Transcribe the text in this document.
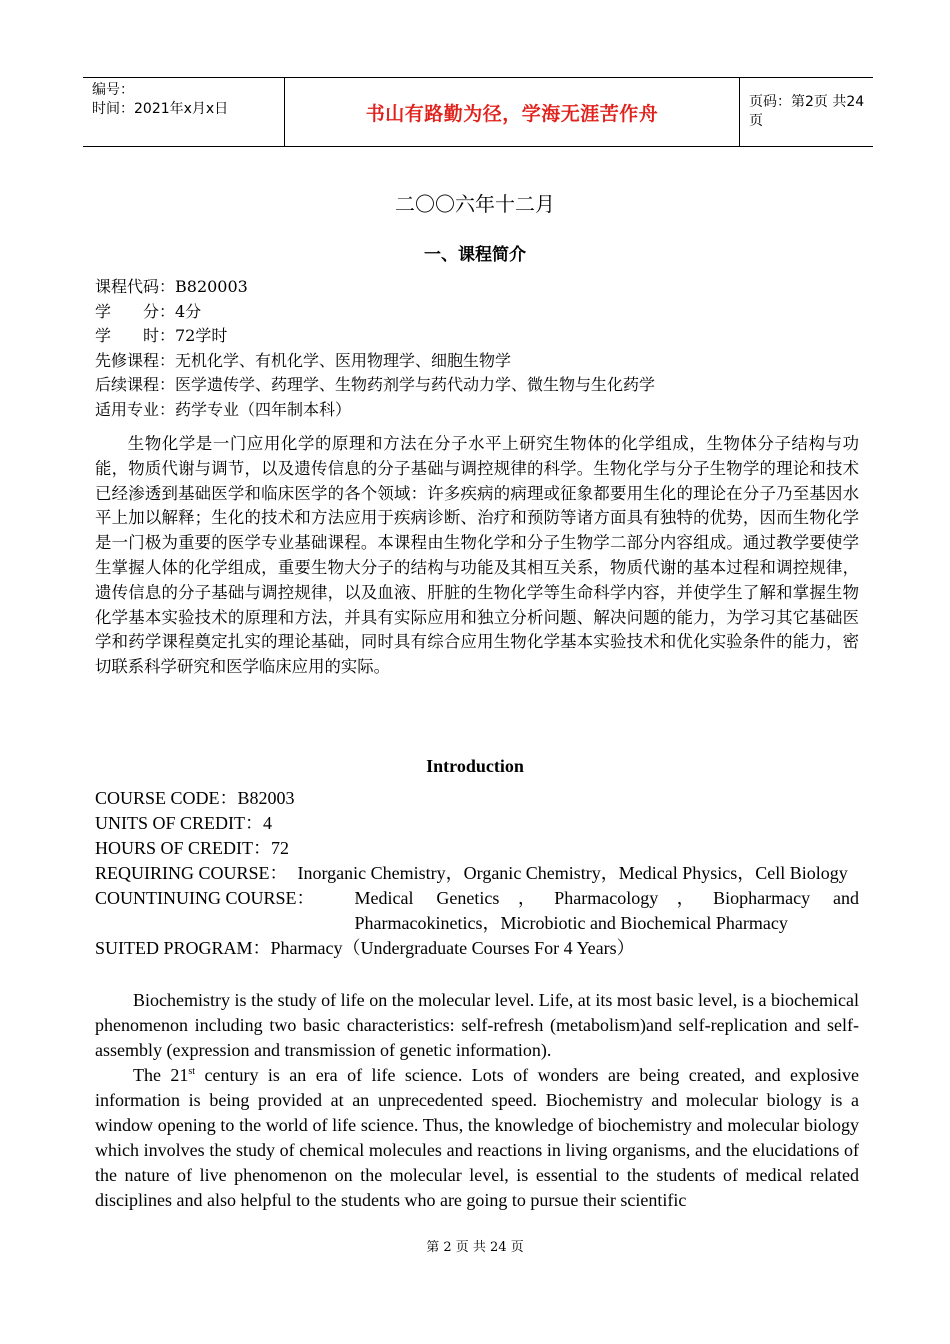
编号：
时间：2021年x月x日	书山有路勤为径，学海无涯苦作舟
页码：第2页 共24页
二〇〇六年十二月
一、课程简介
课程代码：B820003
学　　分：4分
学　　时：72学时
先修课程：无机化学、有机化学、医用物理学、细胞生物学
后续课程：医学遗传学、药理学、生物药剂学与药代动力学、微生物与生化药学
适用专业：药学专业（四年制本科）

生物化学是一门应用化学的原理和方法在分子水平上研究生物体的化学组成，生物体分子结构与功能，物质代谢与调节，以及遗传信息的分子基础与调控规律的科学。生物化学与分子生物学的理论和技术已经渗透到基础医学和临床医学的各个领域：许多疾病的病理或征象都要用生化的理论在分子乃至基因水平上加以解释；生化的技术和方法应用于疾病诊断、治疗和预防等诸方面具有独特的优势，因而生物化学是一门极为重要的医学专业基础课程。本课程由生物化学和分子生物学二部分内容组成。通过教学要使学生掌握人体的化学组成，重要生物大分子的结构与功能及其相互关系，物质代谢的基本过程和调控规律，遗传信息的分子基础与调控规律，以及血液、肝脏的生物化学等生命科学内容，并使学生了解和掌握生物化学基本实验技术的原理和方法，并具有实际应用和独立分析问题、解决问题的能力，为学习其它基础医学和药学课程奠定扎实的理论基础，同时具有综合应用生物化学基本实验技术和优化实验条件的能力，密切联系科学研究和医学临床应用的实际。

Introduction
COURSE CODE：B82003
UNITS OF CREDIT：4
HOURS OF CREDIT：72
REQUIRING COURSE： Inorganic Chemistry，Organic Chemistry，Medical Physics，Cell Biology
COUNTINUING COURSE：	Medical Genetics，Pharmacology，Biopharmacy and Pharmacokinetics，Microbiotic and Biochemical Pharmacy
SUITED PROGRAM：Pharmacy（Undergraduate Courses For 4 Years）

Biochemistry is the study of life on the molecular level. Life, at its most basic level, is a biochemical phenomenon including two basic characteristics: self-refresh (metabolism)and self-replication and self-assembly (expression and transmission of genetic information).

The 21st century is an era of life science. Lots of wonders are being created, and explosive information is being provided at an unprecedented speed. Biochemistry and molecular biology is a window opening to the world of life science. Thus, the knowledge of biochemistry and molecular biology which involves the study of chemical molecules and reactions in living organisms, and the elucidations of the nature of live phenomenon on the molecular level, is essential to the students of medical related disciplines and also helpful to the students who are going to pursue their scientific

第 2 页 共 24 页
